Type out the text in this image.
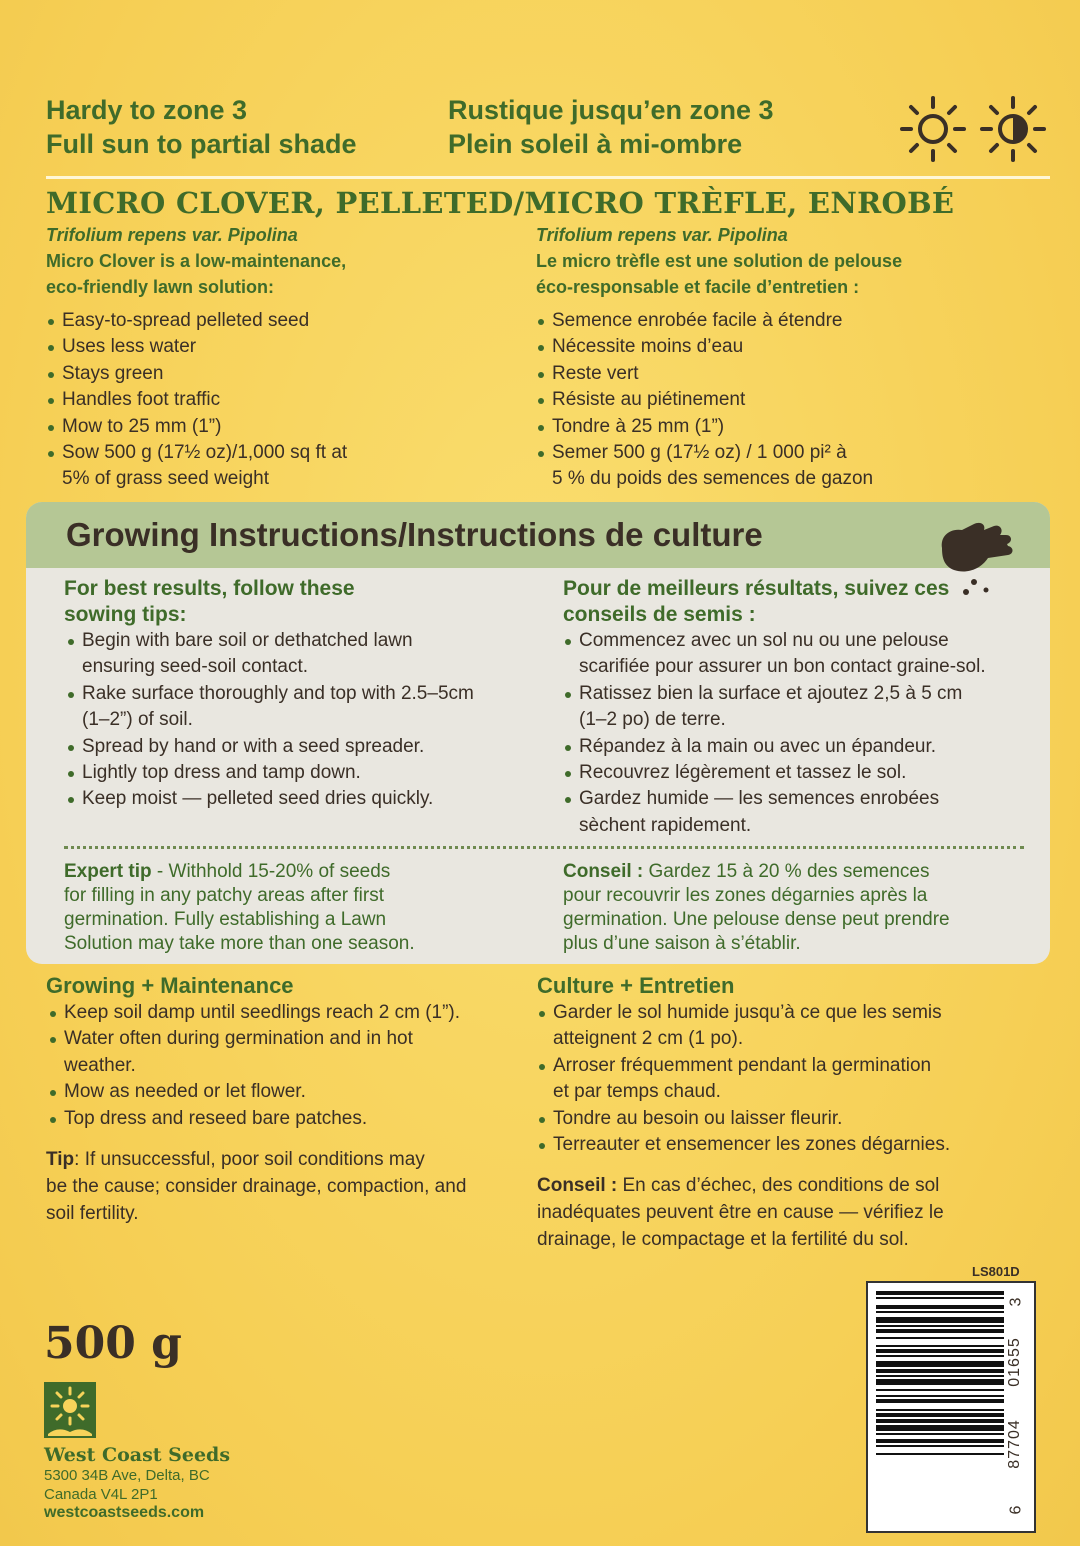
Hardy to zone 3
Full sun to partial shade
Rustique jusqu’en zone 3
Plein soleil à mi-ombre
MICRO CLOVER, PELLETED/MICRO TRÈFLE, ENROBÉ
Trifolium repens var. Pipolina
Micro Clover is a low-maintenance,
eco-friendly lawn solution:
Easy-to-spread pelleted seed
Uses less water
Stays green
Handles foot traffic
Mow to 25 mm (1”)
Sow 500 g (17½ oz)/1,000 sq ft at
5% of grass seed weight
Trifolium repens var. Pipolina
Le micro trèfle est une solution de pelouse
éco-responsable et facile d’entretien :
Semence enrobée facile à étendre
Nécessite moins d’eau
Reste vert
Résiste au piétinement
Tondre à 25 mm (1”)
Semer 500 g (17½ oz) / 1 000 pi² à
5 % du poids des semences de gazon
Growing Instructions/Instructions de culture
For best results, follow these
sowing tips:
Begin with bare soil or dethatched lawn
ensuring seed-soil contact.
Rake surface thoroughly and top with 2.5–5cm
(1–2”) of soil.
Spread by hand or with a seed spreader.
Lightly top dress and tamp down.
Keep moist — pelleted seed dries quickly.
Pour de meilleurs résultats, suivez ces
conseils de semis :
Commencez avec un sol nu ou une pelouse
scarifiée pour assurer un bon contact graine-sol.
Ratissez bien la surface et ajoutez 2,5 à 5 cm
(1–2 po) de terre.
Répandez à la main ou avec un épandeur.
Recouvrez légèrement et tassez le sol.
Gardez humide — les semences enrobées
sèchent rapidement.
Expert tip - Withhold 15-20% of seeds
for filling in any patchy areas after first
germination. Fully establishing a Lawn
Solution may take more than one season.
Conseil : Gardez 15 à 20 % des semences
pour recouvrir les zones dégarnies après la
germination. Une pelouse dense peut prendre
plus d’une saison à s’établir.
Growing + Maintenance
Keep soil damp until seedlings reach 2 cm (1”).
Water often during germination and in hot
weather.
Mow as needed or let flower.
Top dress and reseed bare patches.
Tip: If unsuccessful, poor soil conditions may
be the cause; consider drainage, compaction, and
soil fertility.
Culture + Entretien
Garder le sol humide jusqu’à ce que les semis
atteignent 2 cm (1 po).
Arroser fréquemment pendant la germination
et par temps chaud.
Tondre au besoin ou laisser fleurir.
Terreauter et ensemencer les zones dégarnies.
Conseil : En cas d’échec, des conditions de sol
inadéquates peuvent être en cause — vérifiez le
drainage, le compactage et la fertilité du sol.
500 g
West Coast Seeds
5300 34B Ave, Delta, BC
Canada V4L 2P1
westcoastseeds.com
LS801D
6
87704
01655
3
